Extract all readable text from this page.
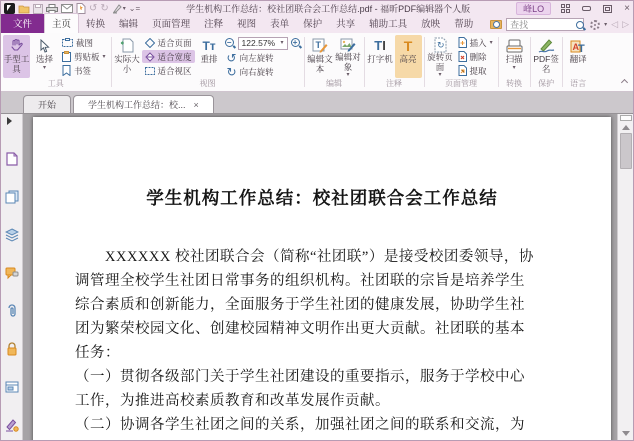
↺ ↻ ▾ ⌄=	学生机构工作总结：校社团联合会工作总结.pdf - 福昕PDF编辑器个人版	峰LO	×
文件	主页	转换	编辑	页面管理	注释	视图	表单	保护	共享	辅助工具	放映	帮助
查找	▾ ◁ ▷
手型工具
选择
▾
截图
剪贴板 ▾
书签
工具
实际大小
适合页面
适合宽度
适合视区
Tᴛ
重排
− 122.57% ▾ +
↺ 向左旋转
↻ 向右旋转
视图
T
编辑文本
编辑对象
▾
编辑
TI
打字机
T
高亮
注释
↻
旋转页面
▾
插入 ▾
删除
提取
页面管理
扫描
▾
转换
PDF签名
保护
A T
翻译
语言
开始	学生机构工作总结：校... ×
学生机构工作总结：校社团联合会工作总结
XXXXXX 校社团联合会（简称“社团联”）是接受校团委领导，协
调管理全校学生社团日常事务的组织机构。社团联的宗旨是培养学生
综合素质和创新能力，全面服务于学生社团的健康发展，协助学生社
团为繁荣校园文化、创建校园精神文明作出更大贡献。社团联的基本
任务：
（一）贯彻各级部门关于学生社团建设的重要指示，服务于学校中心
工作，为推进高校素质教育和改革发展作贡献。
（二）协调各学生社团之间的关系，加强社团之间的联系和交流，为
